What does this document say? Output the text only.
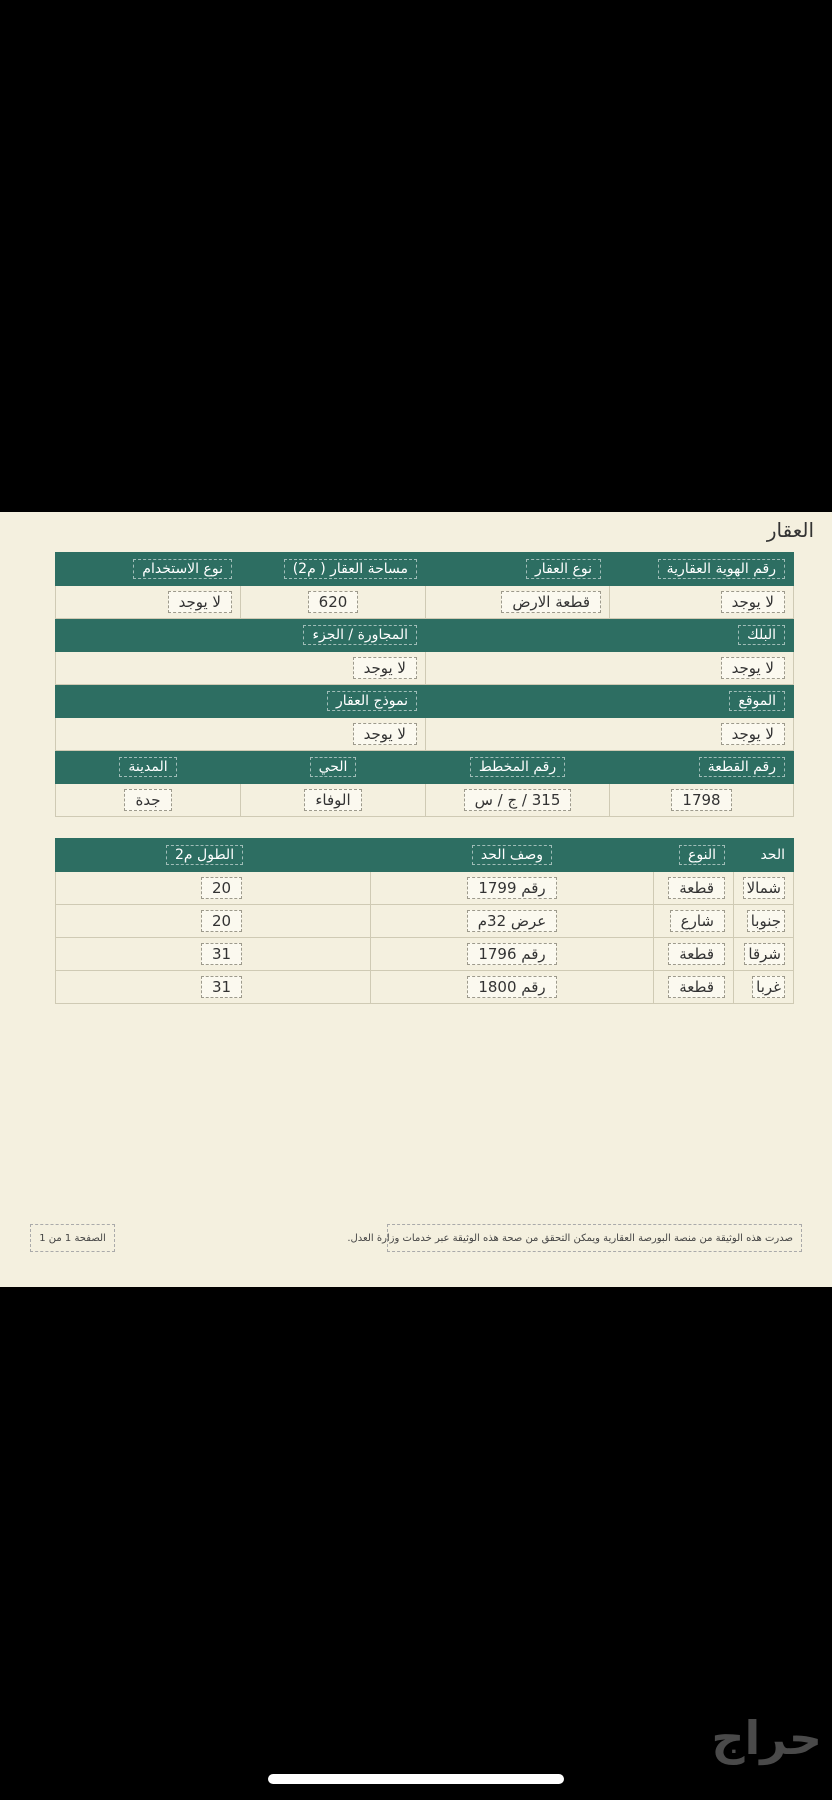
العقار
رقم الهوية العقارية	نوع العقار	مساحة العقار ( م2)	نوع الاستخدام
لا يوجد	قطعة الارض	620	لا يوجد
البلك		المجاورة / الجزء	
لا يوجد		لا يوجد	
الموقع		نموذج العقار	
لا يوجد		لا يوجد	
رقم القطعة	رقم المخطط	الحي	المدينة
1798	315 / ج / س	الوفاء	جدة
الحد	النوع	وصف الحد	الطول م2
شمالا	قطعة	رقم 1799	20
جنوبا	شارع	عرض 32م	20
شرقا	قطعة	رقم 1796	31
غربا	قطعة	رقم 1800	31
صدرت هذه الوثيقة من منصة البورصة العقارية ويمكن التحقق من صحة هذه الوثيقة عبر خدمات وزارة العدل.
الصفحة 1 من 1
حراج
